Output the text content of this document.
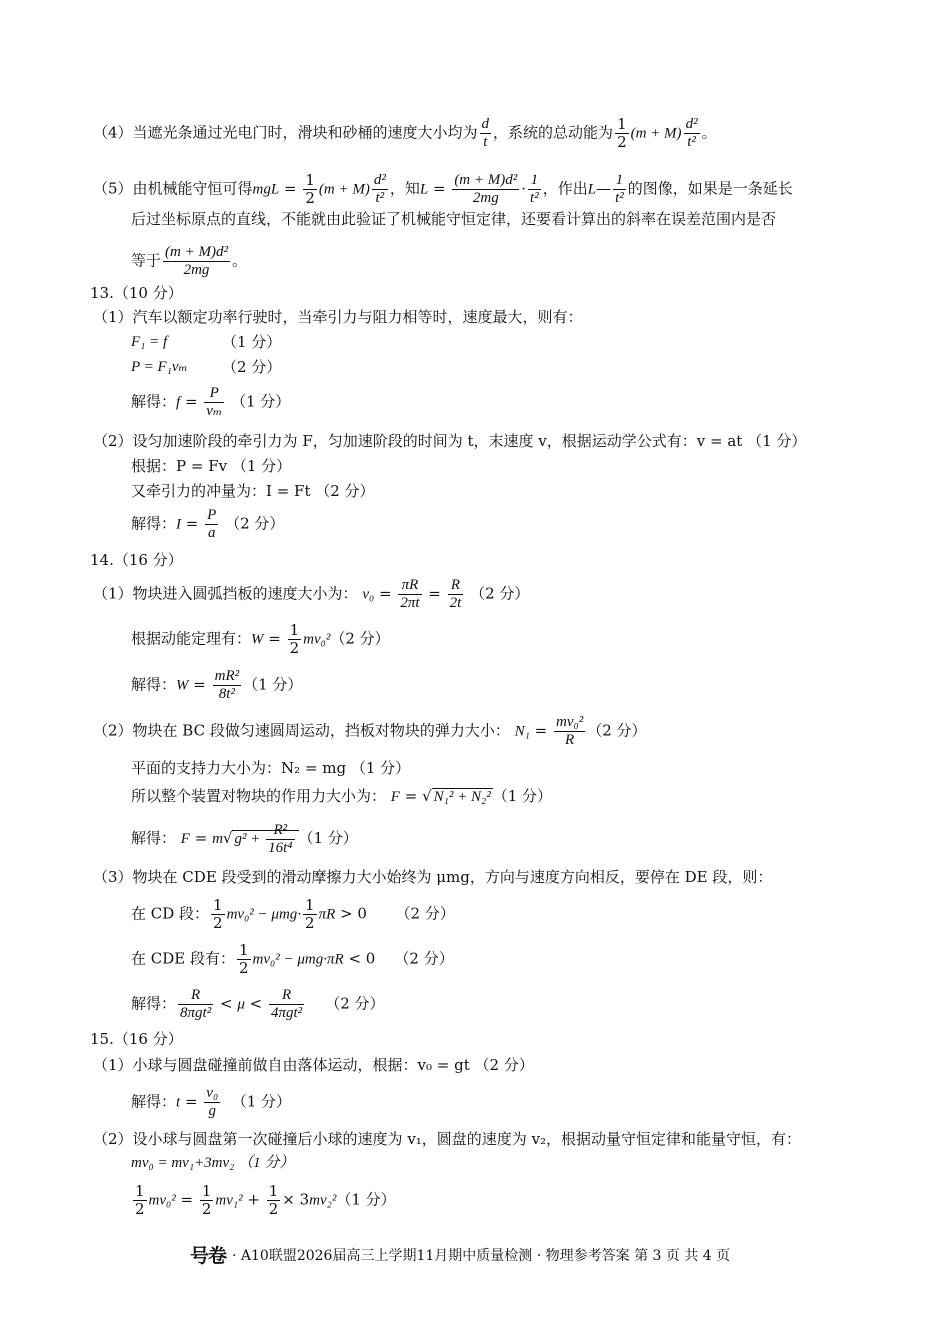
（4）当遮光条通过光电门时，滑块和砂桶的速度大小均为 $\frac{d}{t}$ ，系统的总动能为 $\frac{1}{2} (m + M) \frac{\text{d²}}{\text{t²}}$ 。
（5）由机械能守恒可得mgL = $\frac{1}{2} (m + M) \frac{\text{d²}}{\text{t²}}$ ，知$L = \frac{\text{(m + M)d²}}{2mg} \cdot \frac{1}{\text{t²}}$ ，作出L— $\frac{1}{\text{t²}}$ 的图像，如果是一条延长
后过坐标原点的直线，不能就由此验证了机械能守恒定律，还要看计算出的斜率在误差范围内是否
等于 $\frac{\text{(m + M)d²}}{2mg}$ 。
13.（10 分）
（1）汽车以额定功率行驶时，当牵引力与阻力相等时，速度最大，则有：
F₁ = f	（1 分）
P = F₁vₘ （2 分）
解得：$f = \frac{P}{\text{vₘ}} (1$ 分）
（2）设匀加速阶段的牵引力为 F，匀加速阶段的时间为 t，末速度 v，根据运动学公式有：v = at （1 分）
根据：P = Fv （1 分）
又牵引力的冲量为：I = Ft （2 分）
解得：$I = \frac{P}{a} (2$ 分）
14.（16 分）
（1）物块进入圆弧挡板的速度大小为： $v_0 = \frac{\pi R}{2\pi t} = \frac{R}{2t} (2$ 分）
根据动能定理有：$W = \frac{1}{2} mv_0^2(2$ 分）
解得：$W = \frac{\text{mR²}}{\text{8t²}} (1$ 分）
（2）物块在 BC 段做匀速圆周运动，挡板对物块的弹力大小： $N_1 = \frac{\text{mv₀²}}{R} (2$ 分）
平面的支持力大小为：N₂ = mg （1 分）
所以整个装置对物块的作用力大小为： F = √ N₁² + N₂² （1 分）
解得： F = m√ $g^2 + \frac{\text{R²}}{\text{16t⁴}} (1$ 分）
（3）物块在 CDE 段受到的滑动摩擦力大小始终为 μmg，方向与速度方向相反，要停在 DE 段，则：
在 CD 段： $\frac{1}{2} mv_0^2 - \mu mg\cdot \frac{1}{2}$ πR > 0      （2 分）
在 CDE 段有： $\frac{1}{2} mv_0^2 - \mu mg\cdot\pi R < 0$    （2 分）
解得：	R
8πgt²
< μ <	R
4πgt²
（2 分）
15.（16 分）
（1）小球与圆盘碰撞前做自由落体运动，根据：v₀ = gt （2 分）
解得：$t = \frac{\text{v₀}}{g} (1$ 分）
（2）设小球与圆盘第一次碰撞后小球的速度为 v₁，圆盘的速度为 v₂，根据动量守恒定律和能量守恒，有：
mv₀ = mv₁+3mv₂ （1 分）
$\frac{1}{2} mv_0^2 = \frac{1}{2} mv_1^2 + \frac{1}{2} \times 3mv_2^2(1$ 分）
号卷 · A10联盟2026届高三上学期11月期中质量检测 · 物理参考答案 第 3 页 共 4 页
